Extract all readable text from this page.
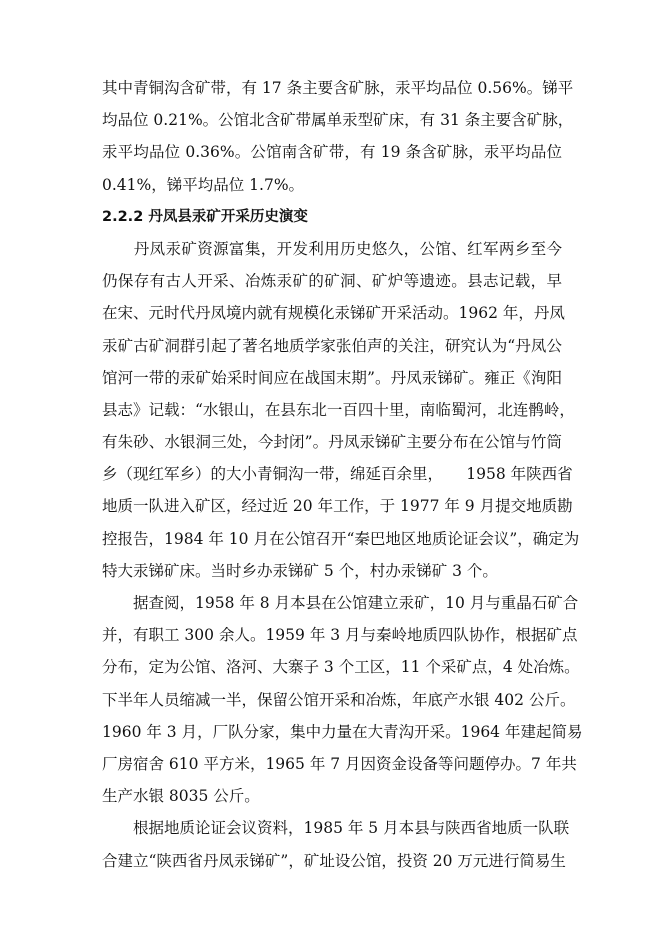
其中青铜沟含矿带，有 17 条主要含矿脉，汞平均品位 0.56%。锑平
均品位 0.21%。公馆北含矿带属单汞型矿床，有 31 条主要含矿脉，
汞平均品位 0.36%。公馆南含矿带，有 19 条含矿脉，汞平均品位
0.41%，锑平均品位 1.7%。
2.2.2 丹凤县汞矿开采历史演变
　　丹凤汞矿资源富集，开发利用历史悠久，公馆、红军两乡至今
仍保存有古人开采、冶炼汞矿的矿洞、矿炉等遗迹。县志记载，早
在宋、元时代丹凤境内就有规模化汞锑矿开采活动。1962 年，丹凤
汞矿古矿洞群引起了著名地质学家张伯声的关注，研究认为“丹凤公
馆河一带的汞矿始采时间应在战国末期”。丹凤汞锑矿。雍正《洵阳
县志》记载：“水银山，在县东北一百四十里，南临蜀河，北连鹘岭，
有朱砂、水银洞三处，今封闭”。丹凤汞锑矿主要分布在公馆与竹筒
乡（现红军乡）的大小青铜沟一带，绵延百余里，　　1958 年陕西省
地质一队进入矿区，经过近 20 年工作，于 1977 年 9 月提交地质勘
控报告，1984 年 10 月在公馆召开“秦巴地区地质论证会议”，确定为
特大汞锑矿床。当时乡办汞锑矿 5 个，村办汞锑矿 3 个。
　　据查阅，1958 年 8 月本县在公馆建立汞矿，10 月与重晶石矿合
并，有职工 300 余人。1959 年 3 月与秦岭地质四队协作，根据矿点
分布，定为公馆、洛河、大寨子 3 个工区，11 个采矿点，4 处冶炼。
下半年人员缩减一半，保留公馆开采和冶炼，年底产水银 402 公斤。
1960 年 3 月，厂队分家，集中力量在大青沟开采。1964 年建起简易
厂房宿舍 610 平方米，1965 年 7 月因资金设备等问题停办。7 年共
生产水银 8035 公斤。
　　根据地质论证会议资料，1985 年 5 月本县与陕西省地质一队联
合建立“陕西省丹凤汞锑矿”，矿址设公馆，投资 20 万元进行简易生
